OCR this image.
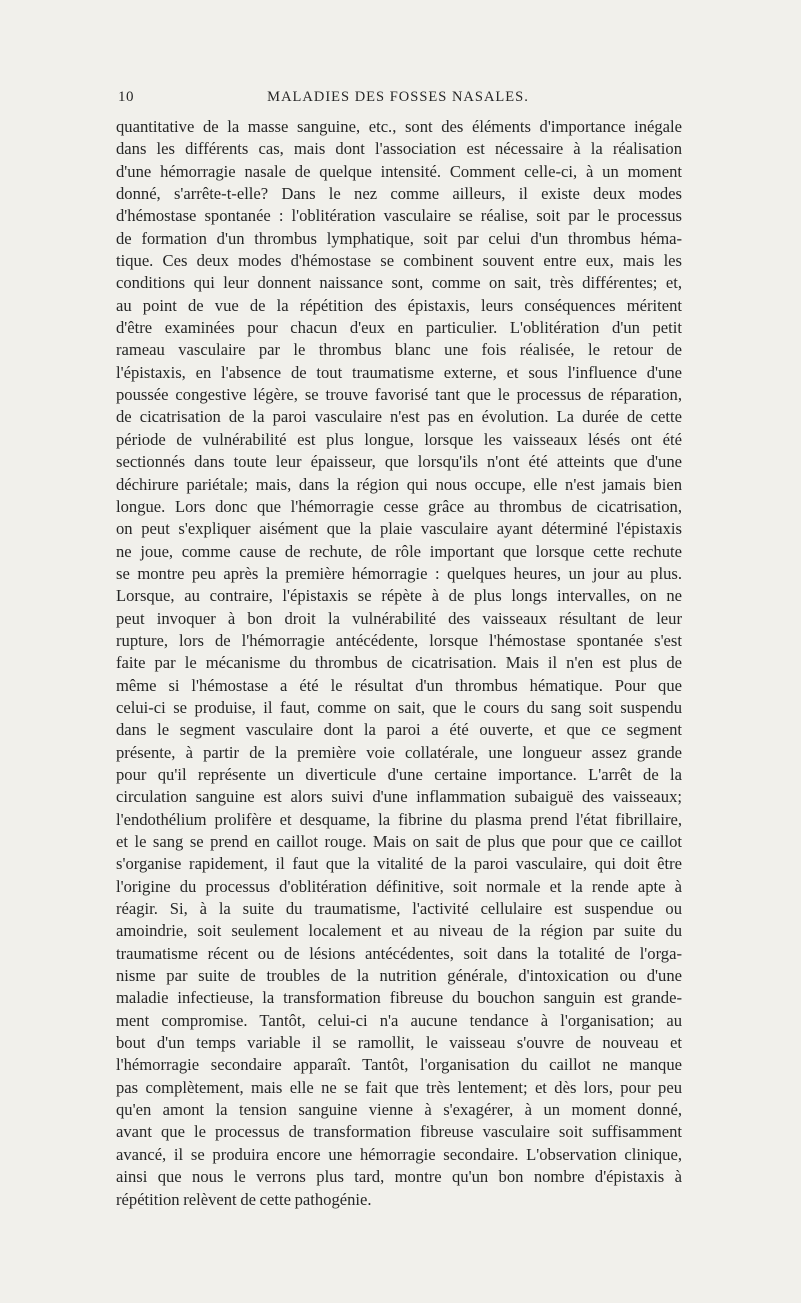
10	MALADIES DES FOSSES NASALES.
quantitative de la masse sanguine, etc., sont des éléments d'importance inégale
dans les différents cas, mais dont l'association est nécessaire à la réalisation
d'une hémorragie nasale de quelque intensité. Comment celle-ci, à un moment
donné, s'arrête-t-elle? Dans le nez comme ailleurs, il existe deux modes
d'hémostase spontanée : l'oblitération vasculaire se réalise, soit par le processus
de formation d'un thrombus lymphatique, soit par celui d'un thrombus héma-
tique. Ces deux modes d'hémostase se combinent souvent entre eux, mais les
conditions qui leur donnent naissance sont, comme on sait, très différentes; et,
au point de vue de la répétition des épistaxis, leurs conséquences méritent
d'être examinées pour chacun d'eux en particulier. L'oblitération d'un petit
rameau vasculaire par le thrombus blanc une fois réalisée, le retour de
l'épistaxis, en l'absence de tout traumatisme externe, et sous l'influence d'une
poussée congestive légère, se trouve favorisé tant que le processus de réparation,
de cicatrisation de la paroi vasculaire n'est pas en évolution. La durée de cette
période de vulnérabilité est plus longue, lorsque les vaisseaux lésés ont été
sectionnés dans toute leur épaisseur, que lorsqu'ils n'ont été atteints que d'une
déchirure pariétale; mais, dans la région qui nous occupe, elle n'est jamais bien
longue. Lors donc que l'hémorragie cesse grâce au thrombus de cicatrisation,
on peut s'expliquer aisément que la plaie vasculaire ayant déterminé l'épistaxis
ne joue, comme cause de rechute, de rôle important que lorsque cette rechute
se montre peu après la première hémorragie : quelques heures, un jour au plus.
Lorsque, au contraire, l'épistaxis se répète à de plus longs intervalles, on ne
peut invoquer à bon droit la vulnérabilité des vaisseaux résultant de leur
rupture, lors de l'hémorragie antécédente, lorsque l'hémostase spontanée s'est
faite par le mécanisme du thrombus de cicatrisation. Mais il n'en est plus de
même si l'hémostase a été le résultat d'un thrombus hématique. Pour que
celui-ci se produise, il faut, comme on sait, que le cours du sang soit suspendu
dans le segment vasculaire dont la paroi a été ouverte, et que ce segment
présente, à partir de la première voie collatérale, une longueur assez grande
pour qu'il représente un diverticule d'une certaine importance. L'arrêt de la
circulation sanguine est alors suivi d'une inflammation subaiguë des vaisseaux;
l'endothélium prolifère et desquame, la fibrine du plasma prend l'état fibrillaire,
et le sang se prend en caillot rouge. Mais on sait de plus que pour que ce caillot
s'organise rapidement, il faut que la vitalité de la paroi vasculaire, qui doit être
l'origine du processus d'oblitération définitive, soit normale et la rende apte à
réagir. Si, à la suite du traumatisme, l'activité cellulaire est suspendue ou
amoindrie, soit seulement localement et au niveau de la région par suite du
traumatisme récent ou de lésions antécédentes, soit dans la totalité de l'orga-
nisme par suite de troubles de la nutrition générale, d'intoxication ou d'une
maladie infectieuse, la transformation fibreuse du bouchon sanguin est grande-
ment compromise. Tantôt, celui-ci n'a aucune tendance à l'organisation; au
bout d'un temps variable il se ramollit, le vaisseau s'ouvre de nouveau et
l'hémorragie secondaire apparaît. Tantôt, l'organisation du caillot ne manque
pas complètement, mais elle ne se fait que très lentement; et dès lors, pour peu
qu'en amont la tension sanguine vienne à s'exagérer, à un moment donné,
avant que le processus de transformation fibreuse vasculaire soit suffisamment
avancé, il se produira encore une hémorragie secondaire. L'observation clinique,
ainsi que nous le verrons plus tard, montre qu'un bon nombre d'épistaxis à
répétition relèvent de cette pathogénie.
